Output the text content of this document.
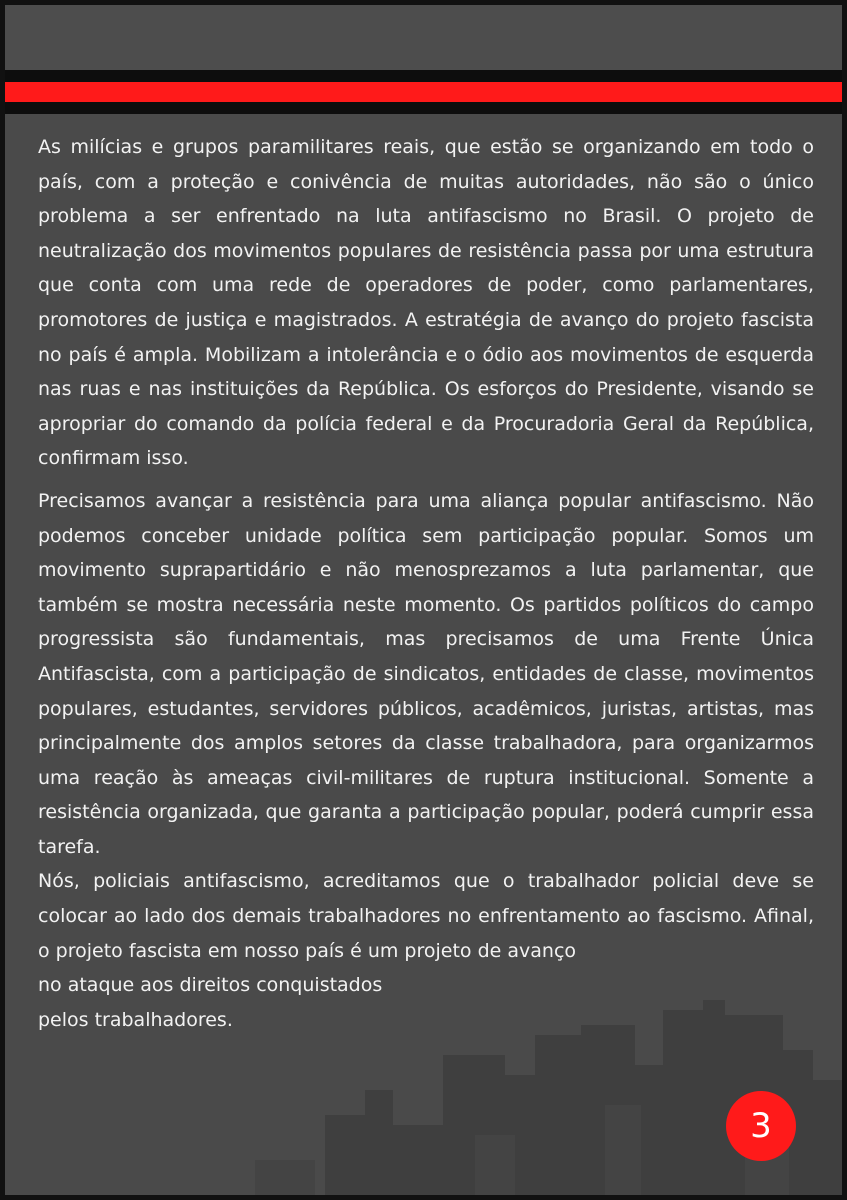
As milícias e grupos paramilitares reais, que estão se organizando em todo o país, com a proteção e conivência de muitas autoridades, não são o único problema a ser enfrentado na luta antifascismo no Brasil. O projeto de neutralização dos movimentos populares de resistência passa por uma estrutura que conta com uma rede de operadores de poder, como parlamentares, promotores de justiça e magistrados. A estratégia de avanço do projeto fascista no país é ampla. Mobilizam a intolerância e o ódio aos movimentos de esquerda nas ruas e nas instituições da República. Os esforços do Presidente, visando se apropriar do comando da polícia federal e da Procuradoria Geral da República, confirmam isso.

Precisamos avançar a resistência para uma aliança popular antifascismo. Não podemos conceber unidade política sem participação popular. Somos um movimento suprapartidário e não menosprezamos a luta parlamentar, que também se mostra necessária neste momento. Os partidos políticos do campo progressista são fundamentais, mas precisamos de uma Frente Única Antifascista, com a participação de sindicatos, entidades de classe, movimentos populares, estudantes, servidores públicos, acadêmicos, juristas, artistas, mas principalmente dos amplos setores da classe trabalhadora, para organizarmos uma reação às ameaças civil-militares de ruptura institucional. Somente a resistência organizada, que garanta a participação popular, poderá cumprir essa tarefa.

Nós, policiais antifascismo, acreditamos que o trabalhador policial deve se colocar ao lado dos demais trabalhadores no enfrentamento ao fascismo. Afinal, o projeto fascista em nosso país é um projeto de avanço
no ataque aos direitos conquistados
pelos trabalhadores.

3
